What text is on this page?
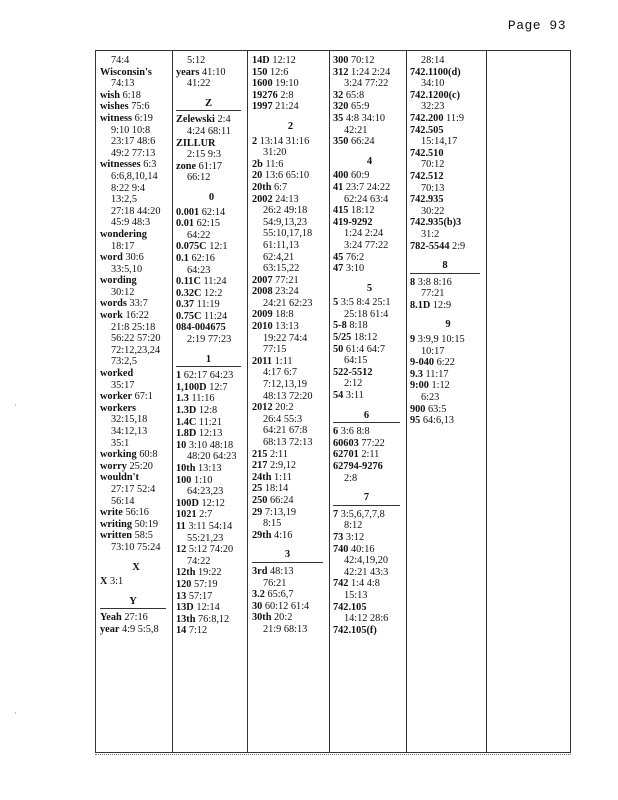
Page 93
74:4
Wisconsin's
74:13
wish 6:18
wishes 75:6
witness 6:19
9:10 10:8
23:17 48:6
49:2 77:13
witnesses 6:3
6:6,8,10,14
8:22 9:4
13:2,5
27:18 44:20
45:9 48:3
wondering
18:17
word 30:6
33:5,10
wording
30:12
words 33:7
work 16:22
21:8 25:18
56:22 57:20
72:12,23,24
73:2,5
worked
35:17
worker 67:1
workers
32:15,18
34:12,13
35:1
working 60:8
worry 25:20
wouldn't
27:17 52:4
56:14
write 56:16
writing 50:19
written 58:5
73:10 75:24
X
X 3:1
Y
Yeah 27:16
year 4:9 5:5,8
5:12
years 41:10
41:22
Z
Zelewski 2:4
4:24 68:11
ZILLUR
2:15 9:3
zone 61:17
66:12
0
0.001 62:14
0.01 62:15
64:22
0.075C 12:1
0.1 62:16
64:23
0.11C 11:24
0.32C 12:2
0.37 11:19
0.75C 11:24
084-004675
2:19 77:23
1
1 62:17 64:23
1,100D 12:7
1.3 11:16
1.3D 12:8
1.4C 11:21
1.8D 12:13
10 3:10 48:18
48:20 64:23
10th 13:13
100 1:10
64:23,23
100D 12:12
1021 2:7
11 3:11 54:14
55:21,23
12 5:12 74:20
74:22
12th 19:22
120 57:19
13 57:17
13D 12:14
13th 76:8,12
14 7:12
14D 12:12
150 12:6
1600 19:10
19276 2:8
1997 21:24
2
2 13:14 31:16
31:20
2b 11:6
20 13:6 65:10
20th 6:7
2002 24:13
26:2 49:18
54:9,13,23
55:10,17,18
61:11,13
62:4,21
63:15,22
2007 77:21
2008 23:24
24:21 62:23
2009 18:8
2010 13:13
19:22 74:4
77:15
2011 1:11
4:17 6:7
7:12,13,19
48:13 72:20
2012 20:2
26:4 55:3
64:21 67:8
68:13 72:13
215 2:11
217 2:9,12
24th 1:11
25 18:14
250 66:24
29 7:13,19
8:15
29th 4:16
3
3rd 48:13
76:21
3.2 65:6,7
30 60:12 61:4
30th 20:2
21:9 68:13
300 70:12
312 1:24 2:24
3:24 77:22
32 65:8
320 65:9
35 4:8 34:10
42:21
350 66:24
4
400 60:9
41 23:7 24:22
62:24 63:4
415 18:12
419-9292
1:24 2:24
3:24 77:22
45 76:2
47 3:10
5
5 3:5 8:4 25:1
25:18 61:4
5-8 8:18
5/25 18:12
50 61:4 64:7
64:15
522-5512
2:12
54 3:11
6
6 3:6 8:8
60603 77:22
62701 2:11
62794-9276
2:8
7
7 3:5,6,7,7,8
8:12
73 3:12
740 40:16
42:4,19,20
42:21 43:3
742 1:4 4:8
15:13
742.105
14:12 28:6
742.105(f)
28:14
742.1100(d)
34:10
742.1200(c)
32:23
742.200 11:9
742.505
15:14,17
742.510
70:12
742.512
70:13
742.935
30:22
742.935(b)3
31:2
782-5544 2:9
8
8 3:8 8:16
77:21
8.1D 12:9
9
9 3:9,9 10:15
10:17
9-040 6:22
9.3 11:17
9:00 1:12
6:23
900 63:5
95 64:6,13
·
·
